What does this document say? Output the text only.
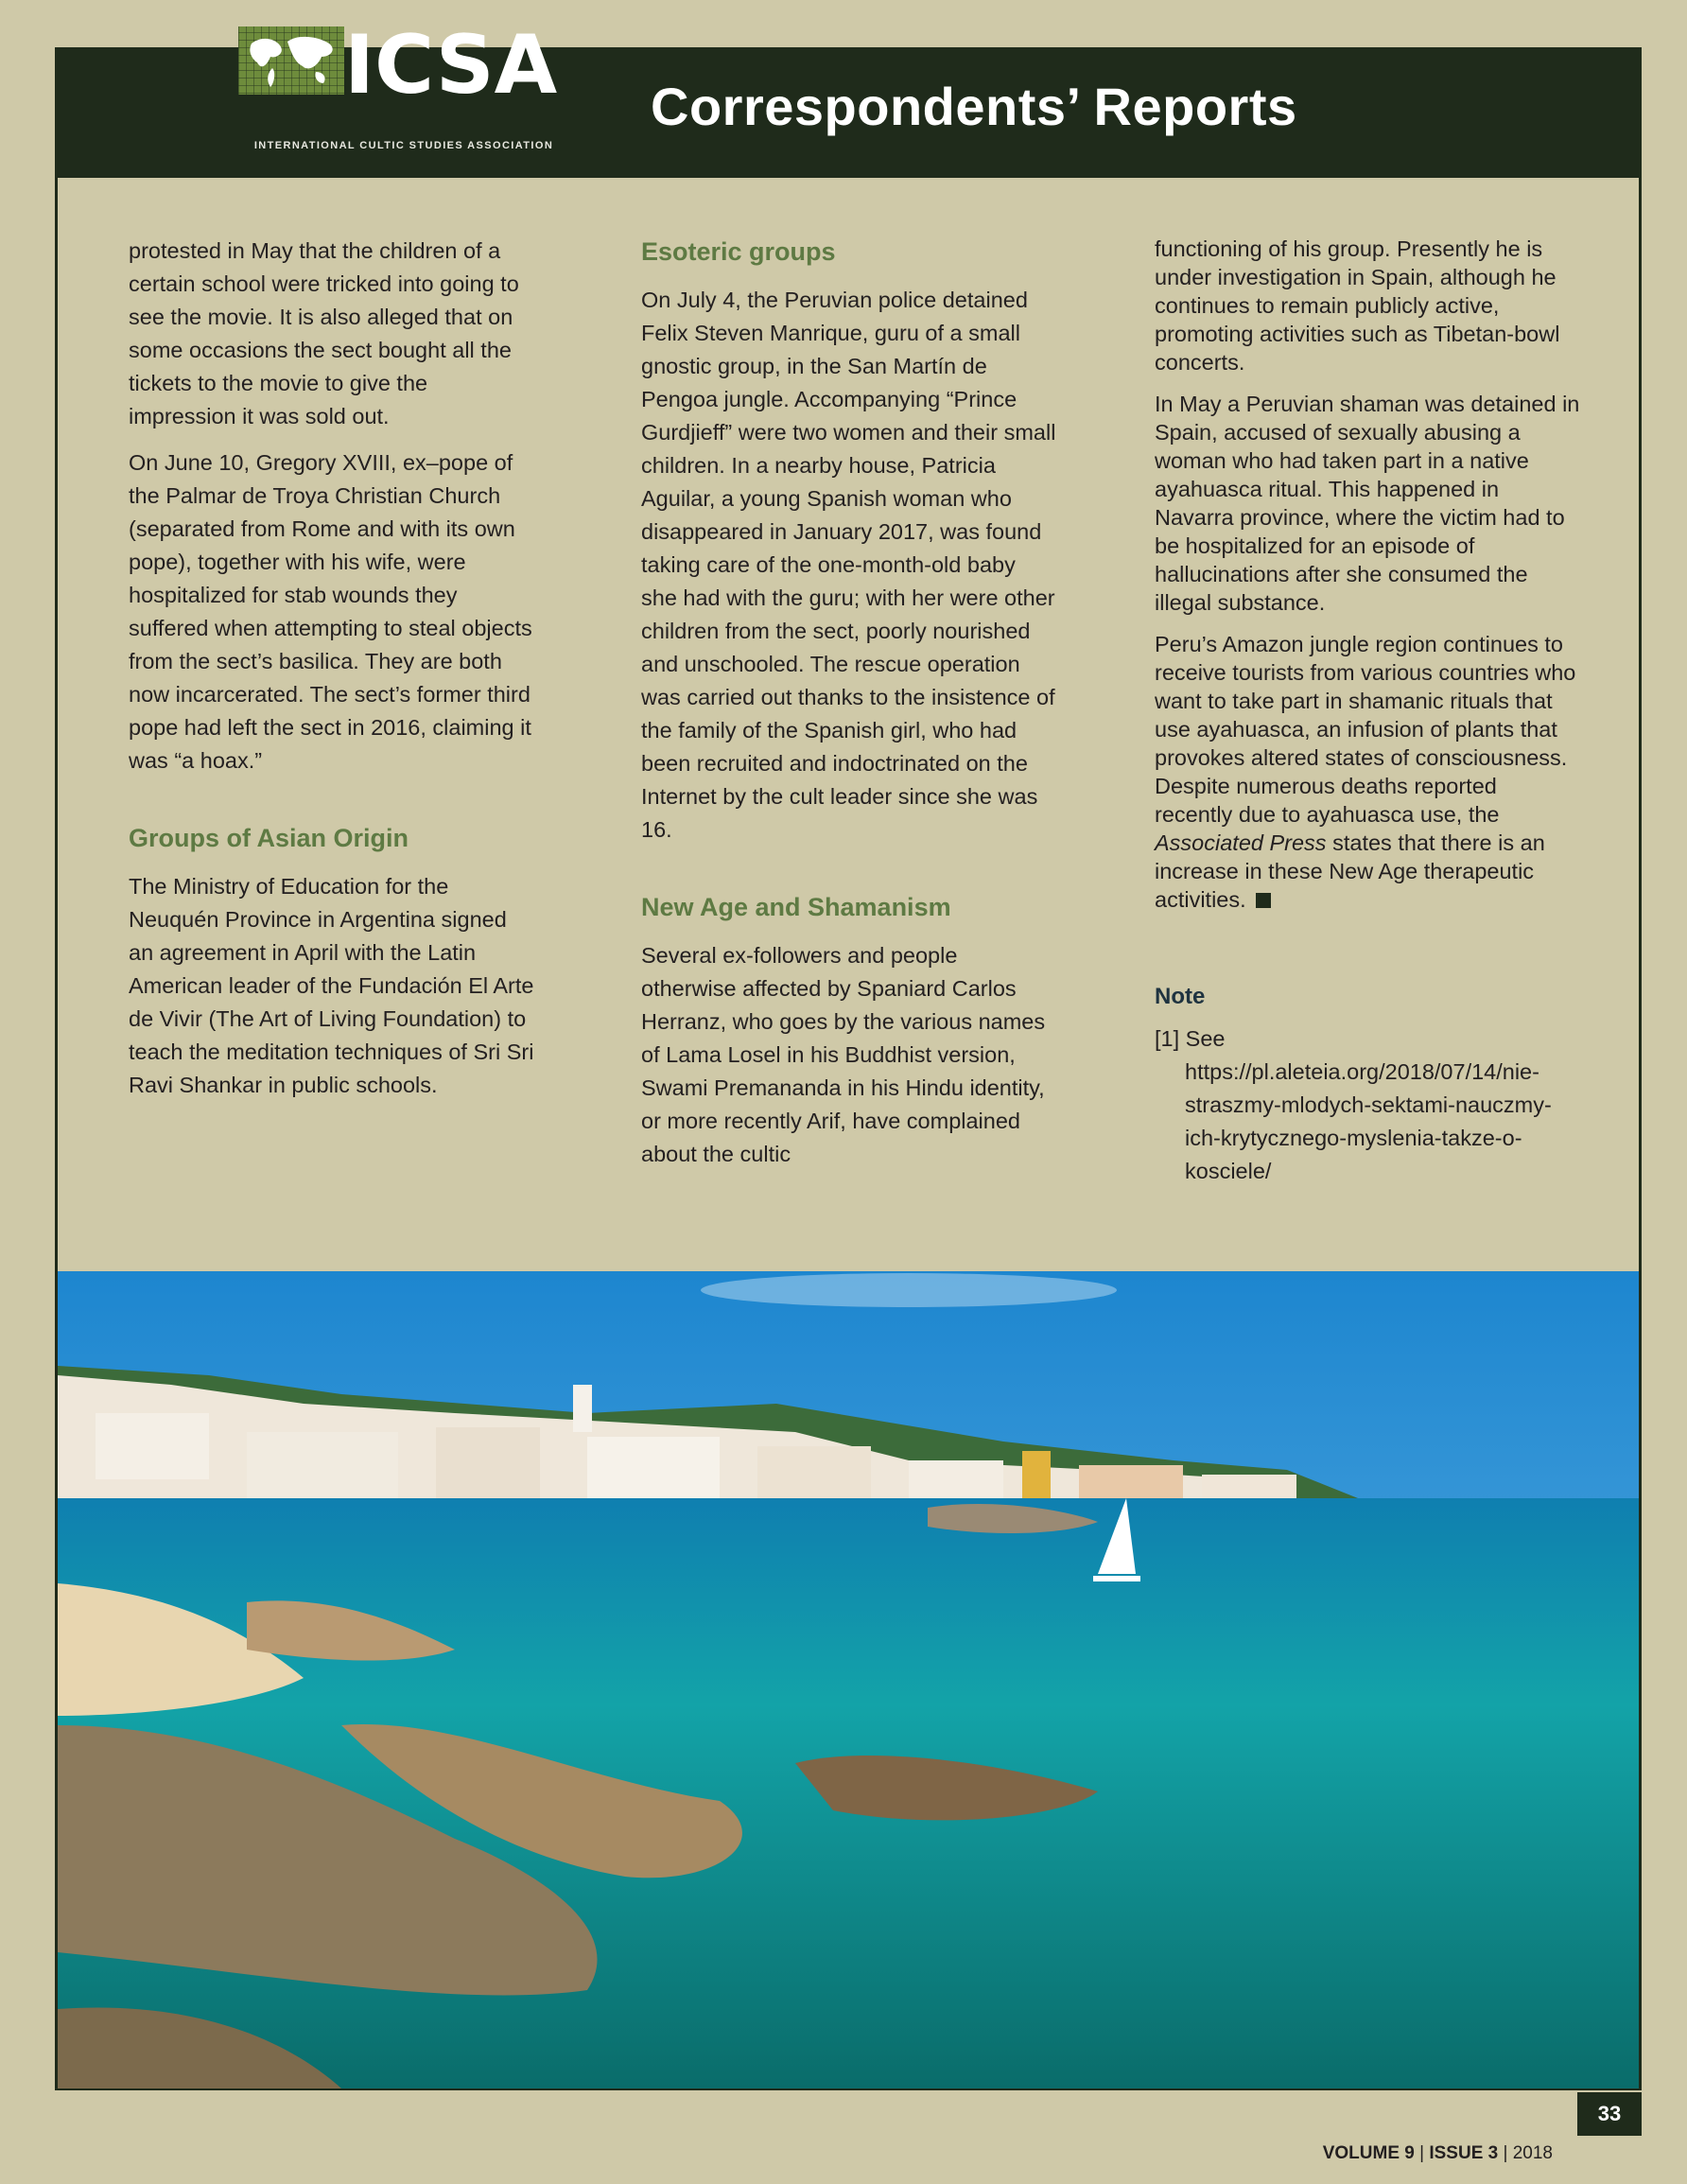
ICSA
INTERNATIONAL CULTIC STUDIES ASSOCIATION
Correspondents’ Reports

protested in May that the children of a certain school were tricked into going to see the movie. It is also alleged that on some occasions the sect bought all the tickets to the movie to give the impression it was sold out.

On June 10, Gregory XVIII, ex–pope of the Palmar de Troya Christian Church (separated from Rome and with its own pope), together with his wife, were hospitalized for stab wounds they suffered when attempting to steal objects from the sect’s basilica. They are both now incarcerated. The sect’s former third pope had left the sect in 2016, claiming it was “a hoax.”

Groups of Asian Origin

The Ministry of Education for the Neuquén Province in Argentina signed an agreement in April with the Latin American leader of the Fundación El Arte de Vivir (The Art of Living Foundation) to teach the meditation techniques of Sri Sri Ravi Shankar in public schools.

Esoteric groups

On July 4, the Peruvian police detained Felix Steven Manrique, guru of a small gnostic group, in the San Martín de Pengoa jungle. Accompanying “Prince Gurdjieff” were two women and their small children. In a nearby house, Patricia Aguilar, a young Spanish woman who disappeared in January 2017, was found taking care of the one-month-old baby she had with the guru; with her were other children from the sect, poorly nourished and unschooled. The rescue operation was carried out thanks to the insistence of the family of the Spanish girl, who had been recruited and indoctrinated on the Internet by the cult leader since she was 16.

New Age and Shamanism

Several ex-followers and people otherwise affected by Spaniard Carlos Herranz, who goes by the various names of Lama Losel in his Buddhist version, Swami Premananda in his Hindu identity, or more recently Arif, have complained about the cultic

functioning of his group. Presently he is under investigation in Spain, although he continues to remain publicly active, promoting activities such as Tibetan-bowl concerts.

In May a Peruvian shaman was detained in Spain, accused of sexually abusing a woman who had taken part in a native ayahuasca ritual. This happened in Navarra province, where the victim had to be hospitalized for an episode of hallucinations after she consumed the illegal substance.

Peru’s Amazon jungle region continues to receive tourists from various countries who want to take part in shamanic rituals that use ayahuasca, an infusion of plants that provokes altered states of consciousness. Despite numerous deaths reported recently due to ayahuasca use, the Associated Press states that there is an increase in these New Age therapeutic activities.

Note
[1] See https://pl.aleteia.org/2018/07/14/nie-straszmy-mlodych-sektami-nauczmy-ich-krytycznego-myslenia-takze-o-kosciele/
VOLUME 9 | ISSUE 3 | 2018
33
